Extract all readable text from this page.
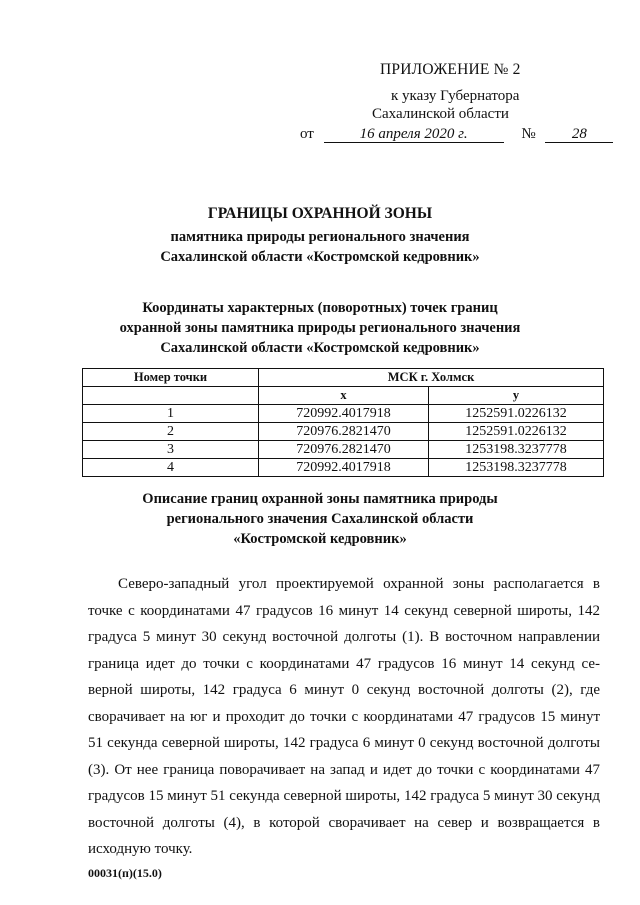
ПРИЛОЖЕНИЕ № 2
к указу Губернатора
Сахалинской области
от	16 апреля 2020 г.	№ 28
ГРАНИЦЫ ОХРАННОЙ ЗОНЫ
памятника природы регионального значения
Сахалинской области «Костромской кедровник»
Координаты характерных (поворотных) точек границ
охранной зоны памятника природы регионального значения
Сахалинской области «Костромской кедровник»
Номер точки	МСК г. Холмск	
	x	y
1	720992.4017918	1252591.0226132
2	720976.2821470	1252591.0226132
3	720976.2821470	1253198.3237778
4	720992.4017918	1253198.3237778
Описание границ охранной зоны памятника природы
регионального значения Сахалинской области
«Костромской кедровник»
Северо-западный угол проектируемой охранной зоны располагается в точке с координатами 47 градусов 16 минут 14 секунд северной широты, 142 градуса 5 минут 30 секунд восточной долготы (1). В восточном направлении граница идет до точки с координатами 47 градусов 16 минут 14 секунд северной широты, 142 градуса 6 минут 0 секунд восточной долготы (2), где сворачивает на юг и проходит до точки с координатами 47 градусов 15 минут 51 секунда северной широты, 142 градуса 6 минут 0 секунд восточной долготы (3). От нее граница поворачивает на запад и идет до точки с координатами 47 градусов 15 минут 51 секунда северной широты, 142 градуса 5 минут 30 секунд восточной долготы (4), в которой сворачивает на север и возвращается в исходную точку.
00031(п)(15.0)
